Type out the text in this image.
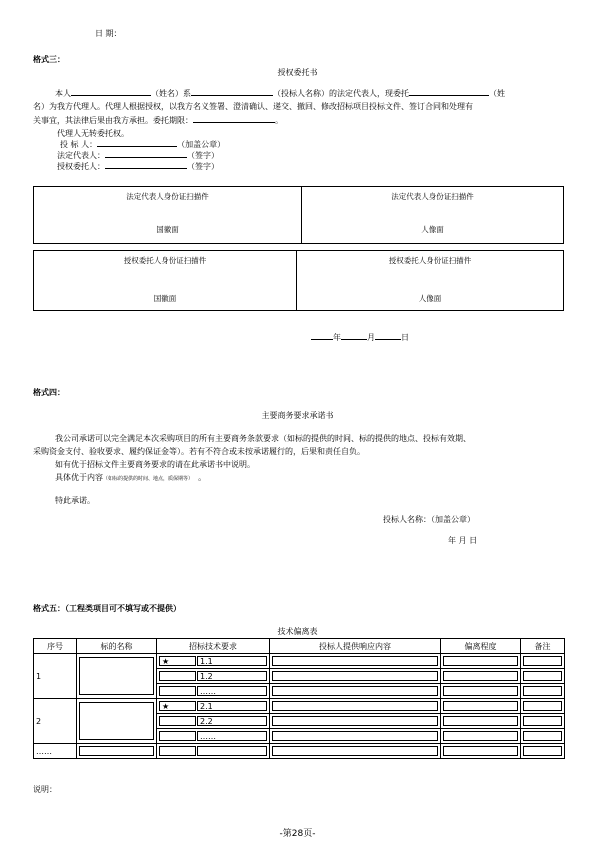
日 期：
格式三：
授权委托书
本人	（姓名）系	（投标人名称）的法定代表人，现委托	（姓
名）为我方代理人。代理人根据授权，以我方名义签署、澄清确认、递交、撤回、修改招标项目投标文件、签订合同和处理有
关事宜，其法律后果由我方承担。委托期限：	。
代理人无转委托权。
投 标 人：	（加盖公章）
法定代表人：	（签字）
授权委托人：	（签字）
法定代表人身份证扫描件
国徽面
法定代表人身份证扫描件
人像面
授权委托人身份证扫描件
国徽面
授权委托人身份证扫描件
人像面
年	月	日
格式四：
主要商务要求承诺书
我公司承诺可以完全满足本次采购项目的所有主要商务条款要求（如标的提供的时间、标的提供的地点、投标有效期、
采购资金支付、验收要求、履约保证金等）。若有不符合或未按承诺履行的，后果和责任自负。
如有优于招标文件主要商务要求的请在此承诺书中说明。
具体优于内容（如标的提供的时间、地点，质保期等） 。
特此承诺。
投标人名称：（加盖公章）
年 月 日
格式五：（工程类项目可不填写或不提供）
技术偏离表
序号	标的名称	招标技术要求	投标人提供响应内容	偏离程度	备注
1		★ 1.1			

		1.2			

		……			

2		★ 2.1			

		2.2			

		……			

……	

说明：
-第28页-
